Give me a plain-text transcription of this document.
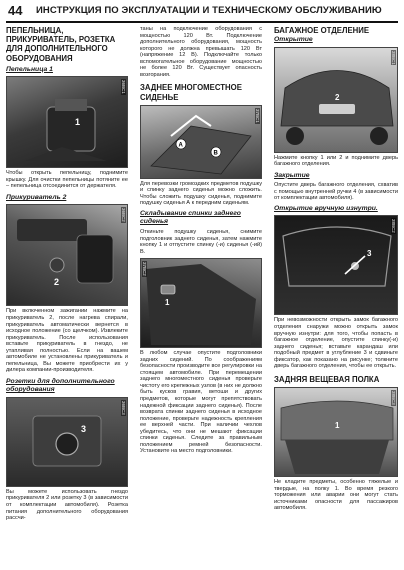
44 ИНСТРУКЦИЯ ПО ЭКСПЛУАТАЦИИ И ТЕХНИЧЕСКОМУ ОБСЛУЖИВАНИЮ
ПЕПЕЛЬНИЦА, ПРИКУРИВАТЕЛЬ, РОЗЕТКА ДЛЯ ДОПОЛНИТЕЛЬНОГО ОБОРУДОВАНИЯ
Пепельница 1
1
36BC1

Чтобы открыть пепельницу, поднимите крышку. Для очистки пепельницы потяните ее – пепельница отсоединится от держателя.

Прикуриватель 2
2
36BC2

При включенном зажигании нажмите на прикуриватель 2, после нагрева спирали, прикуриватель автоматически вернется в исходное положение (со щелчком). Извлеките прикуриватель. После использования вставьте прикуриватель в гнездо, не утапливая полностью. Если на вашем автомобиле не установлены прикуриватель и пепельница, Вы можете приобрести их у дилера компании-производителя.

Розетки для дополнительного оборудования
3
36BC3

Вы можете использовать гнездо прикуривателя 2 или розетку 3 (в зависимости от комплектации автомобиля). Розетка питания дополнительного оборудования рассчи-

таны на подключение оборудования с мощностью 120 Вт. Подключение дополнительного оборудования, мощность которого не должна превышать 120 Вт (напряжение 12 В). Подключайте только вспомогательное оборудование мощностью не более 120 Вт. Существует опасность возгорания.

ЗАДНЕЕ МНОГОМЕСТНОЕ СИДЕНЬЕ
A
B
37BC1

Для перевозки громоздких предметов подушку и спинку заднего сиденья можно сложить. Чтобы сложить подушку сиденья, поднимите подушку сиденья А к передним сиденьям.

Складывание спинки заднего сиденья

Откиньте подушку сиденья, снимите подголовник заднего сиденья, затем нажмите кнопку 1 и отпустите спинку (-и) сиденья (-ий) В.

1
37BC2

В любом случае опустите подголовники задних сидений. По соображениям безопасности производите все регулировки на стоящем автомобиле. При перемещении заднего многоместного сиденья проверьте чистоту его крепежных узлов (в них не должно быть кусков гравия, ветоши и других предметов, которые могут препятствовать надежной фиксации заднего сиденья). После возврата спинки заднего сиденья в исходное положение, проверьте надежность крепления ее верхней части. При наличии чехлов убедитесь, что они не мешают фиксации спинки сиденья. Следите за правильным положением ремней безопасности. Установите на место подголовники.

БАГАЖНОЕ ОТДЕЛЕНИЕ
Открытие
2
38BC1

Нажмите кнопку 1 или 2 и поднимите дверь багажного отделения.

Закрытие

Опустите дверь багажного отделения, схватив с помощью внутренней ручки 4 (в зависимости от комплектации автомобиля).

Открытие вручную изнутри.
3
38BC2

При невозможности открыть замок багажного отделения снаружи можно открыть замок вручную изнутри: для того, чтобы попасть в багажное отделение, опустите спинку(-и) заднего сиденья; вставьте карандаш или подобный предмет в углубление 3 и сдвиньте фиксатор, как показано на рисунке; толкните дверь багажного отделения, чтобы ее открыть.

ЗАДНЯЯ ВЕЩЕВАЯ ПОЛКА
1
38BC3

Не кладите предметы, особенно тяжелые и твердые, на полку 1. Во время резкого торможения или аварии они могут стать источниками опасности для пассажиров автомобиля.
